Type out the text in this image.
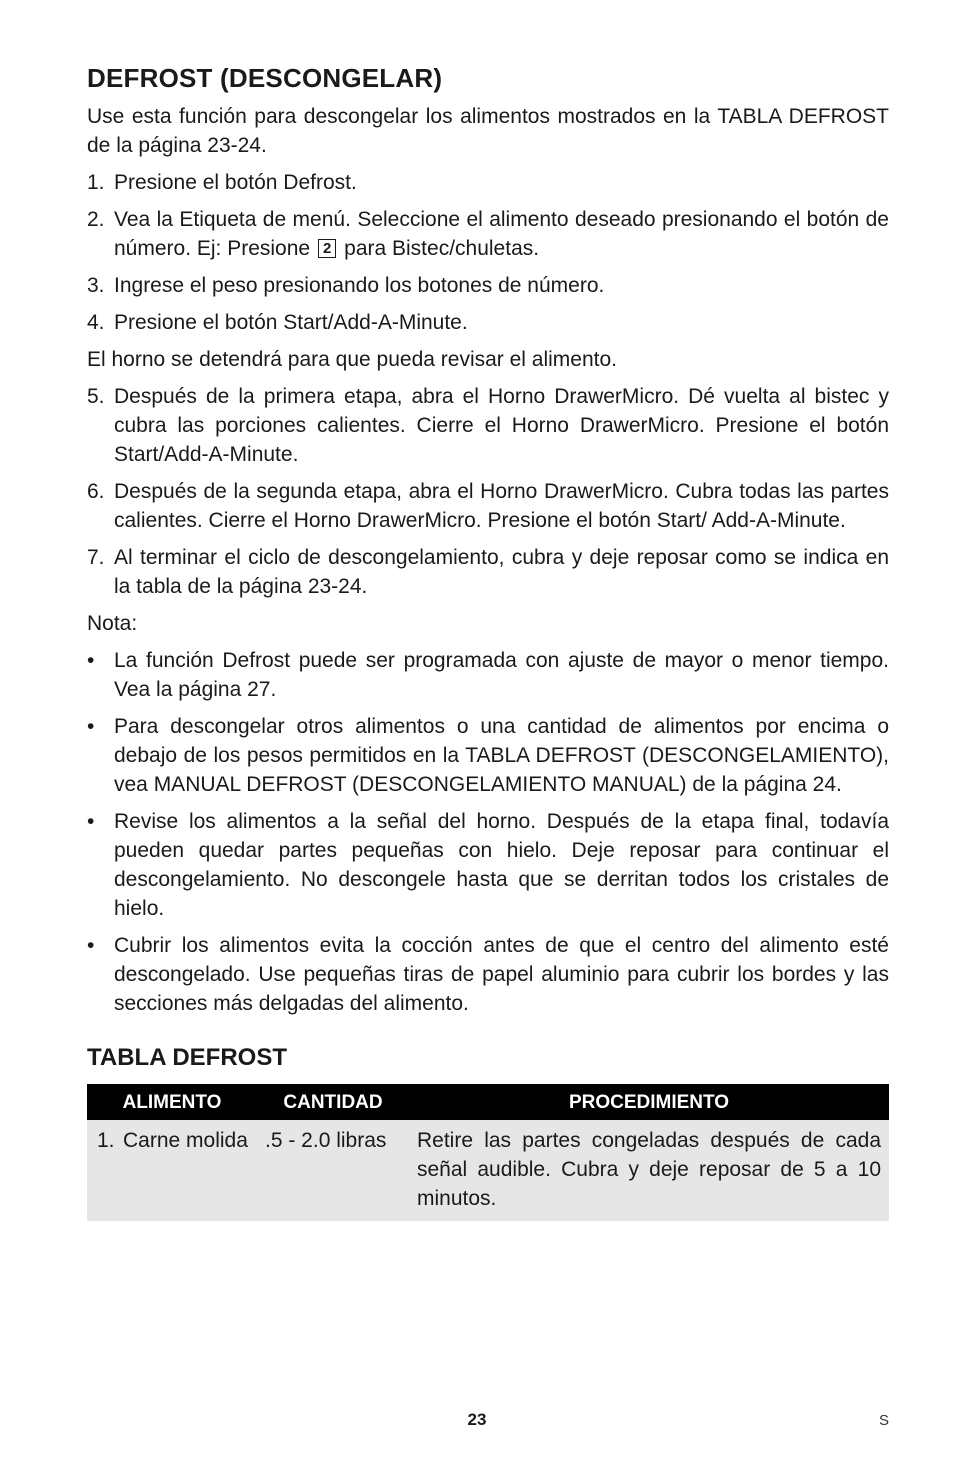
DEFROST (DESCONGELAR)

Use esta función para descongelar los alimentos mostrados en la TABLA DEFROST de la página 23-24.

1. Presione el botón Defrost.
2. Vea la Etiqueta de menú. Seleccione el alimento deseado presionando el botón de número. Ej: Presione 2 para Bistec/chuletas.
3. Ingrese el peso presionando los botones de número.
4. Presione el botón Start/Add-A-Minute.

El horno se detendrá para que pueda revisar el alimento.

5. Después de la primera etapa, abra el Horno DrawerMicro. Dé vuelta al bistec y cubra las porciones calientes. Cierre el Horno DrawerMicro. Presione el botón Start/Add-A-Minute.
6. Después de la segunda etapa, abra el Horno DrawerMicro. Cubra todas las partes calientes. Cierre el Horno DrawerMicro. Presione el botón Start/ Add-A-Minute.
7. Al terminar el ciclo de descongelamiento, cubra y deje reposar como se indica en la tabla de la página 23-24.

Nota:

• La función Defrost puede ser programada con ajuste de mayor o menor tiempo. Vea la página 27.
• Para descongelar otros alimentos o una cantidad de alimentos por encima o debajo de los pesos permitidos en la TABLA DEFROST (DESCONGELAMIENTO), vea MANUAL DEFROST (DESCONGELAMIENTO MANUAL) de la página 24.
• Revise los alimentos a la señal del horno. Después de la etapa final, todavía pueden quedar partes pequeñas con hielo. Deje reposar para continuar el descongelamiento. No descongele hasta que se derritan todos los cristales de hielo.
• Cubrir los alimentos evita la cocción antes de que el centro del alimento esté descongelado. Use pequeñas tiras de papel aluminio para cubrir los bordes y las secciones más delgadas del alimento.
TABLA DEFROST
ALIMENTO	CANTIDAD	PROCEDIMIENTO

1. Carne molida	.5 - 2.0 libras	Retire las partes congeladas después de cada señal audible. Cubra y deje reposar de 5 a 10 minutos.
23	S
